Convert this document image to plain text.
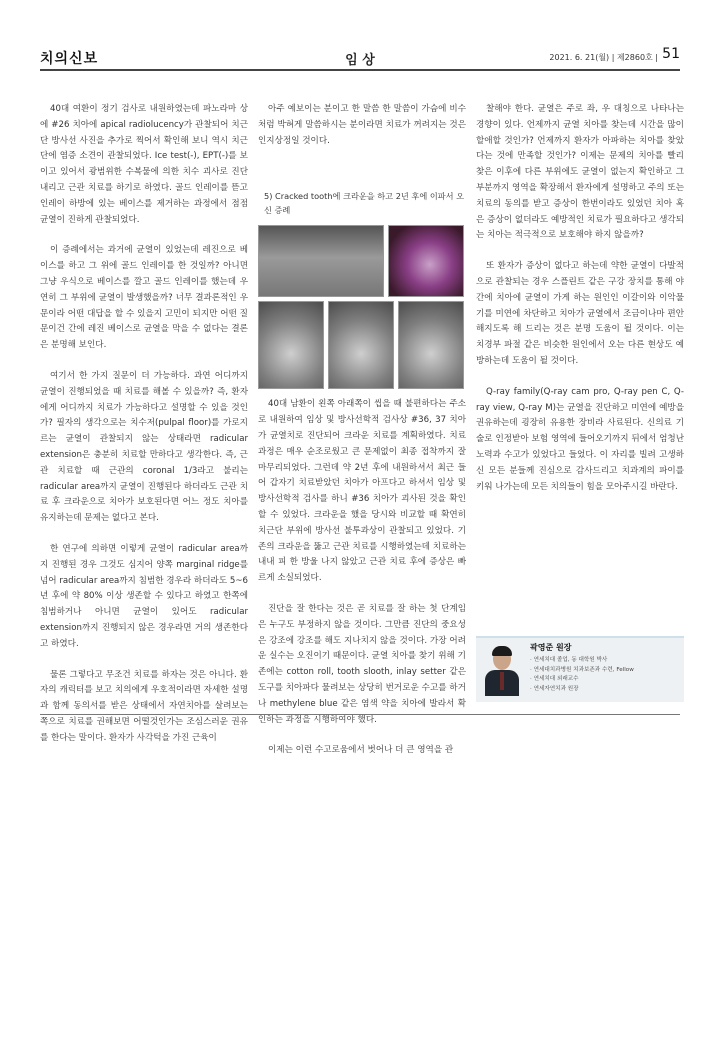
치의신보	임 상	2021. 6. 21(월) | 제2860호 | 51

40대 여환이 정기 검사로 내원하였는데 파노라마 상에 #26 치아에 apical radiolucency가 관찰되어 치근단 방사선 사진을 추가로 찍어서 확인해 보니 역시 치근단에 염증 소견이 관찰되었다. Ice test(-), EPT(-)를 보이고 있어서 광범위한 수복물에 의한 치수 괴사로 진단 내리고 근관 치료를 하기로 하였다. 골드 인레이를 뜯고 인레이 하방에 있는 베이스를 제거하는 과정에서 점점 균열이 진하게 관찰되었다.

이 증례에서는 과거에 균열이 있었는데 레진으로 베이스를 하고 그 위에 골드 인레이를 한 것일까? 아니면 그냥 우식으로 베이스를 깔고 골드 인레이를 했는데 우연히 그 부위에 균열이 발생했을까? 너무 결과론적인 우문이라 어떤 대답을 할 수 있을지 고민이 되지만 어떤 질문이건 간에 레진 베이스로 균열을 막을 수 없다는 결론은 분명해 보인다.

여기서 한 가지 질문이 더 가능하다. 과연 어디까지 균열이 진행되었을 때 치료를 해볼 수 있을까? 즉, 환자에게 어디까지 치료가 가능하다고 설명할 수 있을 것인가? 필자의 생각으로는 치수저(pulpal floor)를 가로지르는 균열이 관찰되지 않는 상태라면 radicular extension은 충분히 치료할 만하다고 생각한다. 즉, 근관 치료할 때 근관의 coronal 1/3라고 불리는 radicular area까지 균열이 진행된다 하더라도 근관 치료 후 크라운으로 치아가 보호된다면 어느 정도 치아를 유지하는데 문제는 없다고 본다.

한 연구에 의하면 이렇게 균열이 radicular area까지 진행된 경우 그것도 심지어 양쪽 marginal ridge를 넘어 radicular area까지 침범한 경우라 하더라도 5~6년 후에 약 80% 이상 생존할 수 있다고 하였고 한쪽에 침범하거나 아니면 균열이 있어도 radicular extension까지 진행되지 않은 경우라면 거의 생존한다고 하였다.

물론 그렇다고 무조건 치료를 하자는 것은 아니다. 환자의 캐릭터를 보고 치의에게 우호적이라면 자세한 설명과 함께 동의서를 받은 상태에서 자연치아를 살려보는 쪽으로 치료를 권해보면 어떨것인가는 조심스러운 권유를 한다는 말이다. 환자가 사각턱을 가진 근육이

아주 예보이는 분이고 한 말씀 한 말씀이 가슴에 비수처럼 박혀게 말씀하시는 분이라면 치료가 꺼려지는 것은 인지상정일 것이다.

5) Cracked tooth에 크라운을 하고 2년 후에 이파서 오신 증례

40대 남환이 왼쪽 아래쪽이 씹을 때 불편하다는 주소로 내원하여 임상 및 방사선학적 검사상 #36, 37 치아가 균열치로 진단되어 크라운 치료를 계획하였다. 치료 과정은 매우 순조로웠고 큰 문제없이 최종 접착까지 잘 마무리되었다. 그런데 약 2년 후에 내원하셔서 최근 들어 갑자기 치료받았던 치아가 아프다고 하셔서 임상 및 방사선학적 검사를 하니 #36 치아가 괴사된 것을 확인할 수 있었다. 크라운을 했을 당시와 비교할 때 확연히 치근단 부위에 방사선 불투과상이 관찰되고 있었다. 기존의 크라운을 뚫고 근관 치료를 시행하였는데 치료하는 내내 피 한 방울 나지 않았고 근관 치료 후에 증상은 빠르게 소실되었다.

진단을 잘 한다는 것은 곧 치료를 잘 하는 첫 단계임은 누구도 부정하지 않을 것이다. 그만큼 진단의 중요성은 강조에 강조를 해도 지나치지 않을 것이다. 가장 어려운 실수는 오진이기 때문이다. 균열 치아를 찾기 위해 기존에는 cotton roll, tooth slooth, inlay setter 같은 도구를 치아파다 물려보는 상당히 번거로운 수고를 하거나 methylene blue 같은 염색 약을 치아에 발라서 확인하는 과정을 시행하여야 했다.

이제는 이런 수고로움에서 벗어나 더 큰 영역을 관

찰해야 한다. 균열은 주로 좌, 우 대칭으로 나타나는 경향이 있다. 언제까지 균열 치아를 찾는데 시간을 많이 할애할 것인가? 언제까지 환자가 아파하는 치아를 찾았다는 것에 만족할 것인가? 이제는 문제의 치아를 빨리 찾은 이후에 다른 부위에도 균열이 없는지 확인하고 그 부분까지 영역을 확장해서 환자에게 설명하고 주의 또는 치료의 동의를 받고 증상이 한번이라도 있었던 치아 혹은 증상이 없더라도 예방적인 치료가 필요하다고 생각되는 치아는 적극적으로 보호해야 하지 않을까?

또 환자가 증상이 없다고 하는데 약한 균열이 다발적으로 관찰되는 경우 스플린트 같은 구강 장치를 통해 야간에 치아에 균열이 가게 하는 원인인 이갈이와 이악물기를 미연에 차단하고 치아가 균열에서 조금이나마 편안해지도록 해 드리는 것은 분명 도움이 될 것이다. 이는 치경부 파절 같은 비슷한 원인에서 오는 다른 현상도 예방하는데 도움이 될 것이다.

Q-ray family(Q-ray cam pro, Q-ray pen C, Q-ray view, Q-ray M)는 균열을 진단하고 미연에 예방을 권유하는데 굉장히 유용한 장비라 사료된다. 신의료 기술로 인정받아 보험 영역에 들어오기까지 뒤에서 엄청난 노력과 수고가 있었다고 들었다. 이 자리를 빌려 고생하신 모든 분들께 진심으로 감사드리고 치과계의 파이를 키워 나가는데 모든 치의들이 힘을 모아주시길 바란다.

곽영준 원장
· 연세치대 졸업, 동 대학원 박사
· 연세대치과병원 치과보존과 수련, Fellow
· 연세치대 외래교수
· 연세자연치과 원장
